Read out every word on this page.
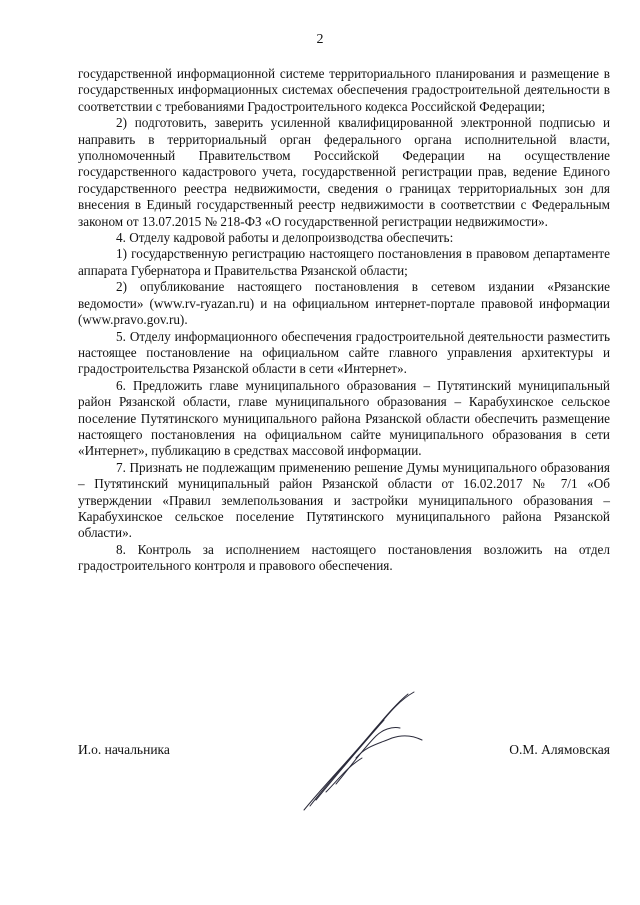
2

государственной информационной системе территориального планирования и размещение в государственных информационных системах обеспечения градостроительной деятельности в соответствии с требованиями Градостроительного кодекса Российской Федерации;

2) подготовить, заверить усиленной квалифицированной электронной подписью и направить в территориальный орган федерального органа исполнительной власти, уполномоченный Правительством Российской Федерации на осуществление государственного кадастрового учета, государственной регистрации прав, ведение Единого государственного реестра недвижимости, сведения о границах территориальных зон для внесения в Единый государственный реестр недвижимости в соответствии с Федеральным законом от 13.07.2015 № 218-ФЗ «О государственной регистрации недвижимости».

4. Отделу кадровой работы и делопроизводства обеспечить:

1) государственную регистрацию настоящего постановления в правовом департаменте аппарата Губернатора и Правительства Рязанской области;

2) опубликование настоящего постановления в сетевом издании «Рязанские ведомости» (www.rv-ryazan.ru) и на официальном интернет-портале правовой информации (www.pravo.gov.ru).

5. Отделу информационного обеспечения градостроительной деятельности разместить настоящее постановление на официальном сайте главного управления архитектуры и градостроительства Рязанской области в сети «Интернет».

6. Предложить главе муниципального образования – Путятинский муниципальный район Рязанской области, главе муниципального образования – Карабухинское сельское поселение Путятинского муниципального района Рязанской области обеспечить размещение настоящего постановления на официальном сайте муниципального образования в сети «Интернет», публикацию в средствах массовой информации.

7. Признать не подлежащим применению решение Думы муниципального образования – Путятинский муниципальный район Рязанской области от 16.02.2017 № 7/1 «Об утверждении «Правил землепользования и застройки муниципального образования – Карабухинское сельское поселение Путятинского муниципального района Рязанской области».

8. Контроль за исполнением настоящего постановления возложить на отдел градостроительного контроля и правового обеспечения.

И.о. начальника	О.М. Алямовская
